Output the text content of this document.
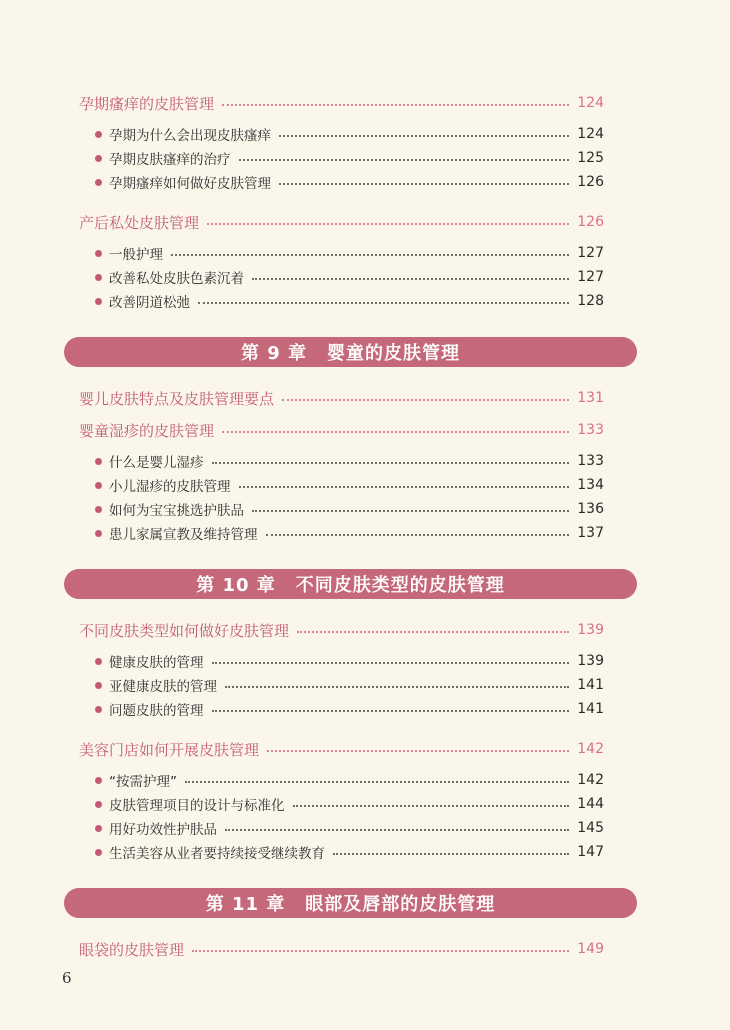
孕期瘙痒的皮肤管理	124
孕期为什么会出现皮肤瘙痒	124
孕期皮肤瘙痒的治疗	125
孕期瘙痒如何做好皮肤管理	126
产后私处皮肤管理	126
一般护理	127
改善私处皮肤色素沉着	127
改善阴道松弛	128
第 9 章 婴童的皮肤管理
婴儿皮肤特点及皮肤管理要点	131
婴童湿疹的皮肤管理	133
什么是婴儿湿疹	133
小儿湿疹的皮肤管理	134
如何为宝宝挑选护肤品	136
患儿家属宣教及维持管理	137
第 10 章 不同皮肤类型的皮肤管理
不同皮肤类型如何做好皮肤管理	139
健康皮肤的管理	139
亚健康皮肤的管理	141
问题皮肤的管理	141
美容门店如何开展皮肤管理	142
“按需护理”	142
皮肤管理项目的设计与标准化	144
用好功效性护肤品	145
生活美容从业者要持续接受继续教育	147
第 11 章 眼部及唇部的皮肤管理
眼袋的皮肤管理	149
6
